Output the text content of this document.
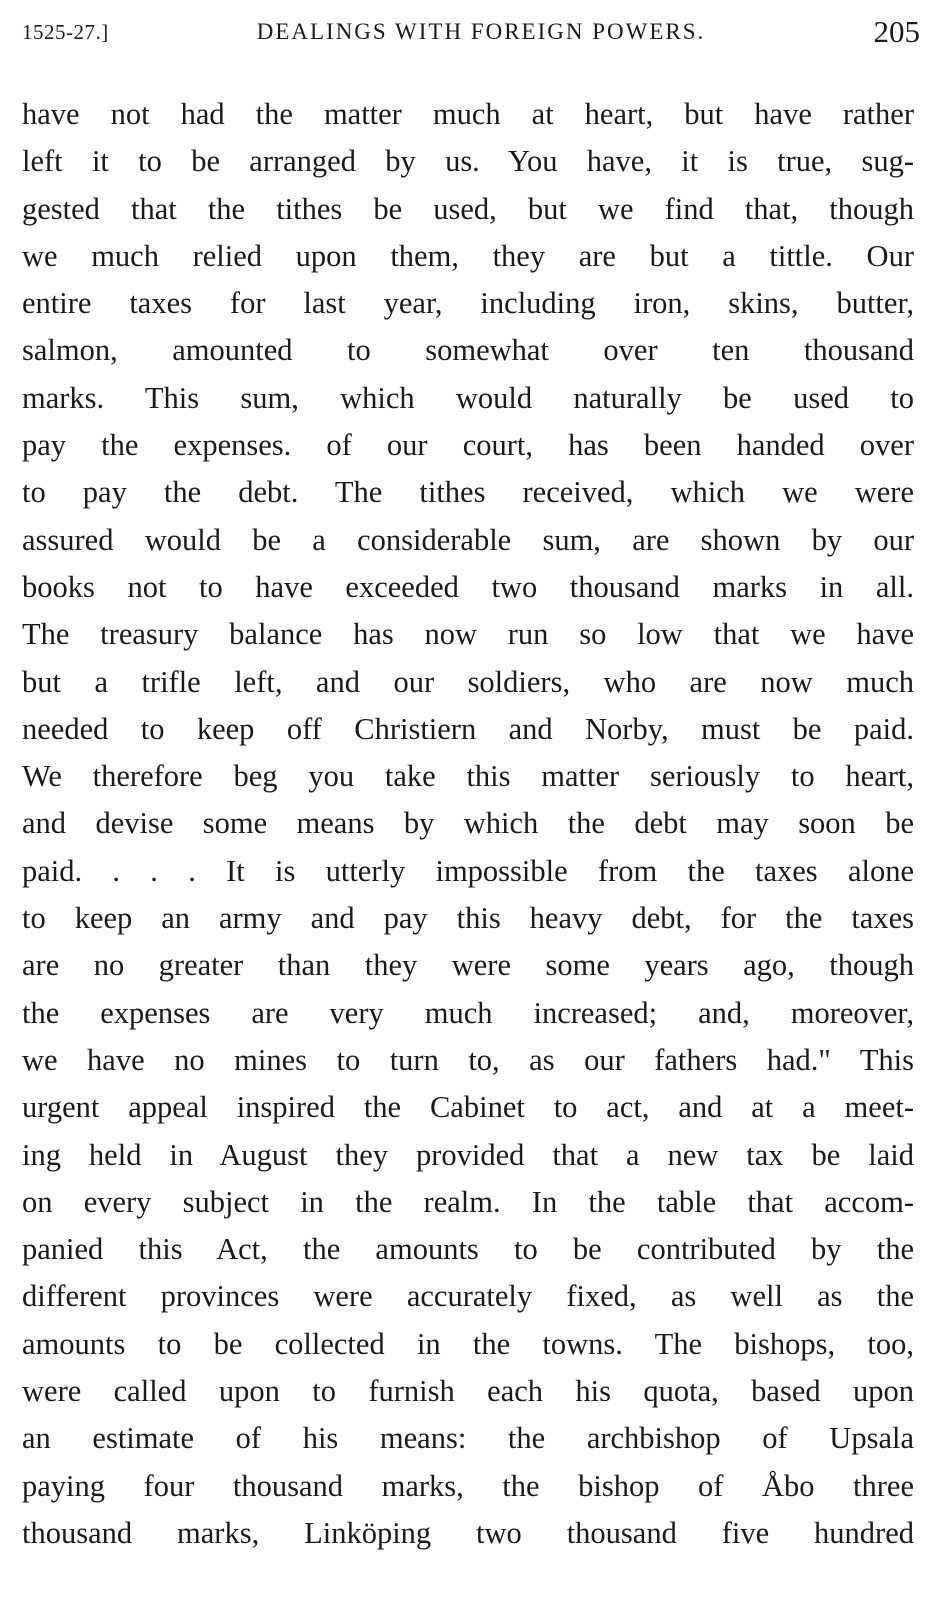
1525-27.]	DEALINGS WITH FOREIGN POWERS.	205
have not had the matter much at heart, but have rather
left it to be arranged by us. You have, it is true, sug-
gested that the tithes be used, but we find that, though
we much relied upon them, they are but a tittle. Our
entire taxes for last year, including iron, skins, butter,
salmon, amounted to somewhat over ten thousand
marks. This sum, which would naturally be used to
pay the expenses. of our court, has been handed over
to pay the debt. The tithes received, which we were
assured would be a considerable sum, are shown by our
books not to have exceeded two thousand marks in all.
The treasury balance has now run so low that we have
but a trifle left, and our soldiers, who are now much
needed to keep off Christiern and Norby, must be paid.
We therefore beg you take this matter seriously to heart,
and devise some means by which the debt may soon be
paid. . . . It is utterly impossible from the taxes alone
to keep an army and pay this heavy debt, for the taxes
are no greater than they were some years ago, though
the expenses are very much increased; and, moreover,
we have no mines to turn to, as our fathers had." This
urgent appeal inspired the Cabinet to act, and at a meet-
ing held in August they provided that a new tax be laid
on every subject in the realm. In the table that accom-
panied this Act, the amounts to be contributed by the
different provinces were accurately fixed, as well as the
amounts to be collected in the towns. The bishops, too,
were called upon to furnish each his quota, based upon
an estimate of his means: the archbishop of Upsala
paying four thousand marks, the bishop of Åbo three
thousand marks, Linköping two thousand five hundred
